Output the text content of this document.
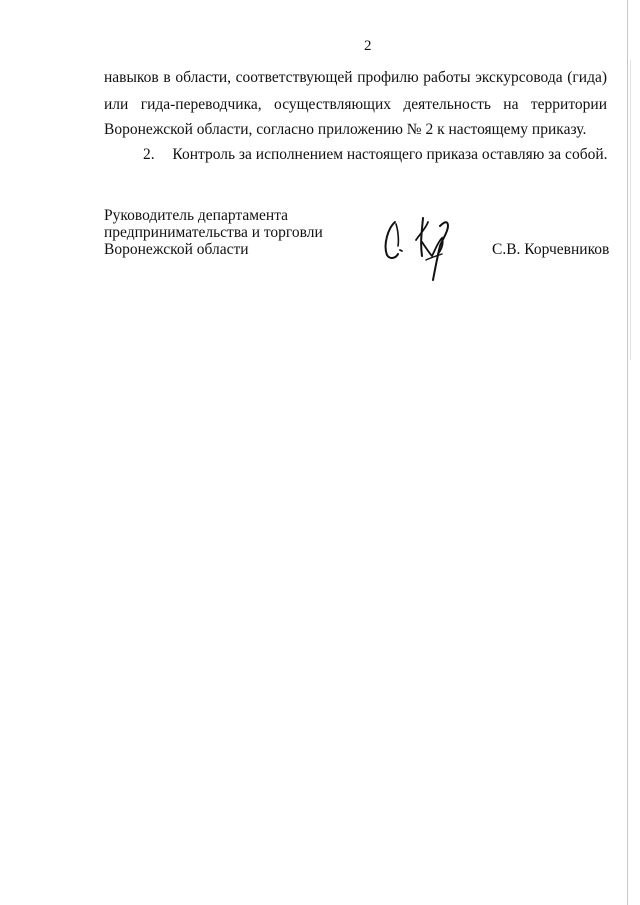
2
навыков в области, соответствующей профилю работы экскурсовода (гида)
или гида-переводчика, осуществляющих деятельность на территории
Воронежской области, согласно приложению № 2 к настоящему приказу.
2. Контроль за исполнением настоящего приказа оставляю за собой.
Руководитель департамента
предпринимательства и торговли
Воронежской области	С.В. Корчевников
